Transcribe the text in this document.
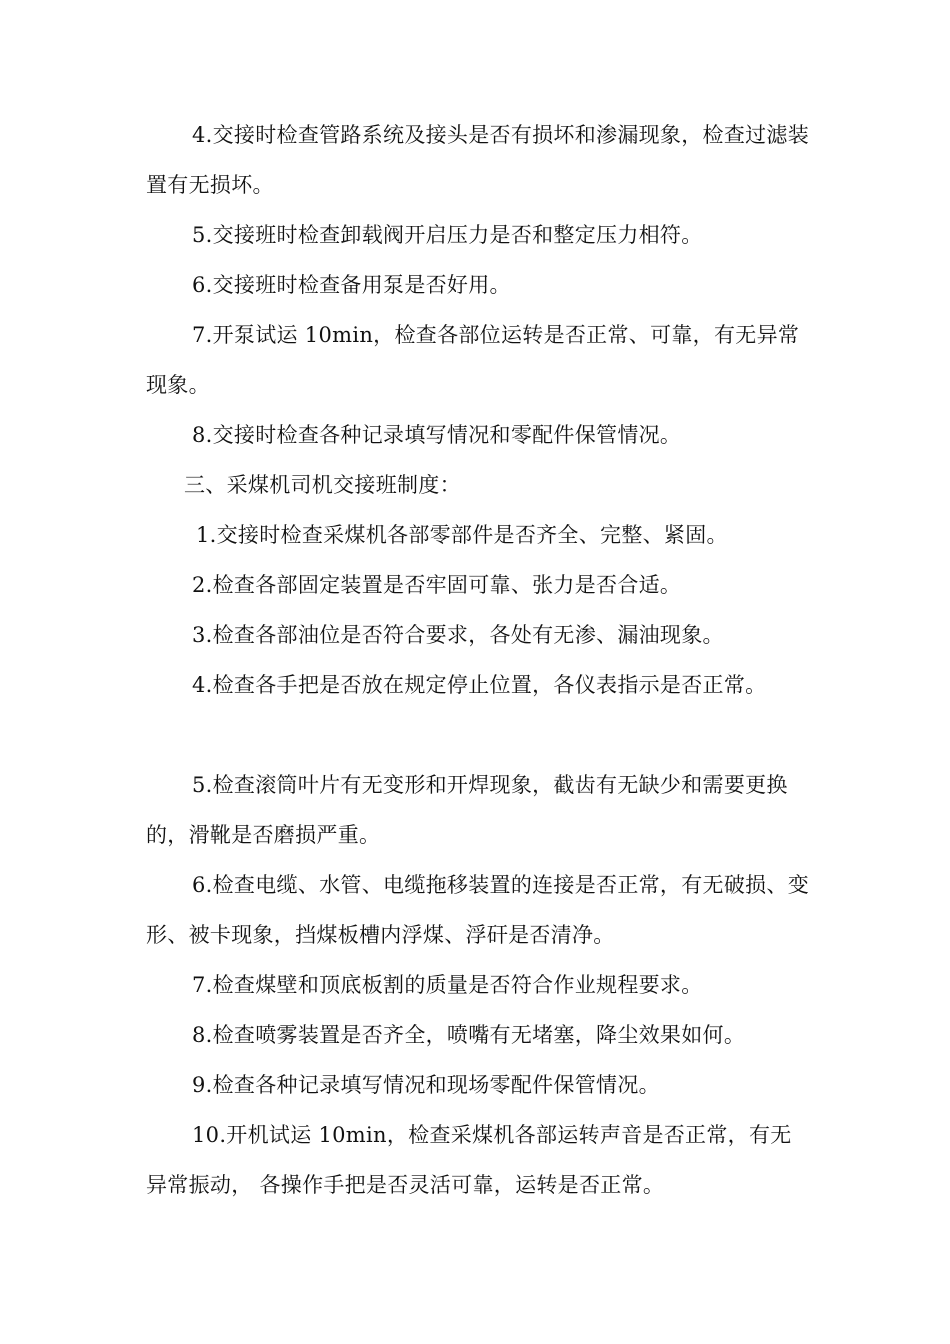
4.交接时检查管路系统及接头是否有损坏和渗漏现象，检查过滤装置有无损坏。

5.交接班时检查卸载阀开启压力是否和整定压力相符。

6.交接班时检查备用泵是否好用。

7.开泵试运 10min，检查各部位运转是否正常、可靠，有无异常现象。

8.交接时检查各种记录填写情况和零配件保管情况。

三、采煤机司机交接班制度：

1.交接时检查采煤机各部零部件是否齐全、完整、紧固。

2.检查各部固定装置是否牢固可靠、张力是否合适。

3.检查各部油位是否符合要求，各处有无渗、漏油现象。

4.检查各手把是否放在规定停止位置，各仪表指示是否正常。

5.检查滚筒叶片有无变形和开焊现象，截齿有无缺少和需要更换的，滑靴是否磨损严重。

6.检查电缆、水管、电缆拖移装置的连接是否正常，有无破损、变形、被卡现象，挡煤板槽内浮煤、浮矸是否清净。

7.检查煤壁和顶底板割的质量是否符合作业规程要求。

8.检查喷雾装置是否齐全，喷嘴有无堵塞，降尘效果如何。

9.检查各种记录填写情况和现场零配件保管情况。

10.开机试运 10min，检查采煤机各部运转声音是否正常，有无异常振动， 各操作手把是否灵活可靠，运转是否正常。
